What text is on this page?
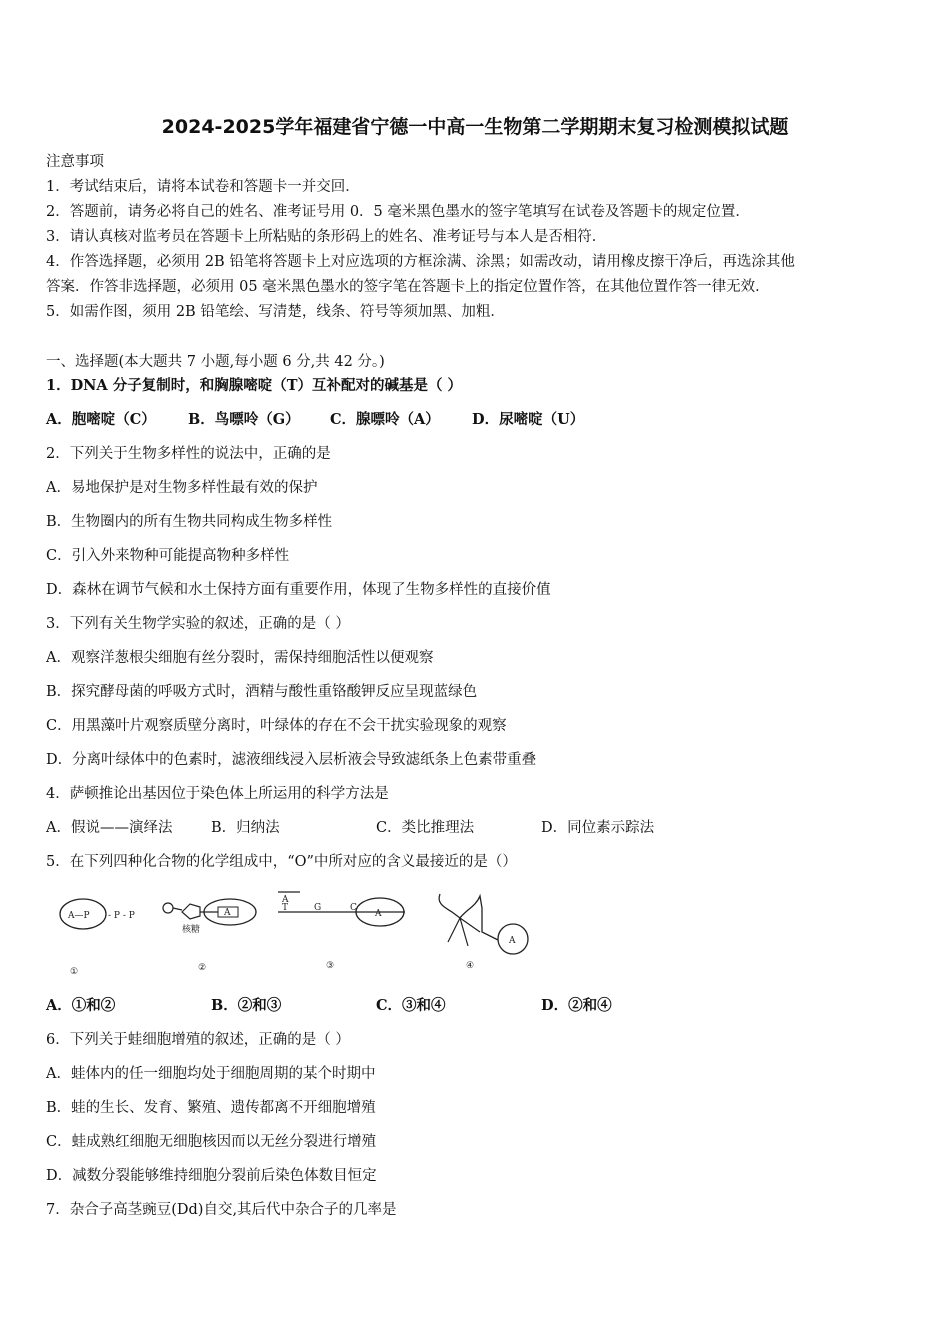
2024-2025学年福建省宁德一中高一生物第二学期期末复习检测模拟试题
注意事项
1．考试结束后，请将本试卷和答题卡一并交回．
2．答题前，请务必将自己的姓名、准考证号用 0．5 毫米黑色墨水的签字笔填写在试卷及答题卡的规定位置．
3．请认真核对监考员在答题卡上所粘贴的条形码上的姓名、准考证号与本人是否相符．
4．作答选择题，必须用 2B 铅笔将答题卡上对应选项的方框涂满、涂黑；如需改动，请用橡皮擦干净后，再选涂其他
答案．作答非选择题，必须用 05 毫米黑色墨水的签字笔在答题卡上的指定位置作答，在其他位置作答一律无效．
5．如需作图，须用 2B 铅笔绘、写清楚，线条、符号等须加黑、加粗．
一、选择题(本大题共 7 小题,每小题 6 分,共 42 分。)
1．DNA 分子复制时，和胸腺嘧啶（T）互补配对的碱基是（ ）
A．胞嘧啶（C） B．鸟嘌呤（G） C．腺嘌呤（A） D．尿嘧啶（U）
2．下列关于生物多样性的说法中，正确的是
A．易地保护是对生物多样性最有效的保护
B．生物圈内的所有生物共同构成生物多样性
C．引入外来物种可能提高物种多样性
D．森林在调节气候和水土保持方面有重要作用，体现了生物多样性的直接价值
3．下列有关生物学实验的叙述，正确的是（ ）
A．观察洋葱根尖细胞有丝分裂时，需保持细胞活性以便观察
B．探究酵母菌的呼吸方式时，酒精与酸性重铬酸钾反应呈现蓝绿色
C．用黑藻叶片观察质壁分离时，叶绿体的存在不会干扰实验现象的观察
D．分离叶绿体中的色素时，滤液细线浸入层析液会导致滤纸条上色素带重叠
4．萨顿推论出基因位于染色体上所运用的科学方法是
A．假说——演绎法	B．归纳法	C．类比推理法	D．同位素示踪法
5．在下列四种化合物的化学组成中，“O”中所对应的含义最接近的是（）
A—P - P - P
①
A
核糖
②
A
T	G	C
A
③
A
④
A．①和②	B．②和③	C．③和④	D．②和④
6．下列关于蛙细胞增殖的叙述，正确的是（ ）
A．蛙体内的任一细胞均处于细胞周期的某个时期中
B．蛙的生长、发育、繁殖、遗传都离不开细胞增殖
C．蛙成熟红细胞无细胞核因而以无丝分裂进行增殖
D．减数分裂能够维持细胞分裂前后染色体数目恒定
7．杂合子高茎豌豆(Dd)自交,其后代中杂合子的几率是
